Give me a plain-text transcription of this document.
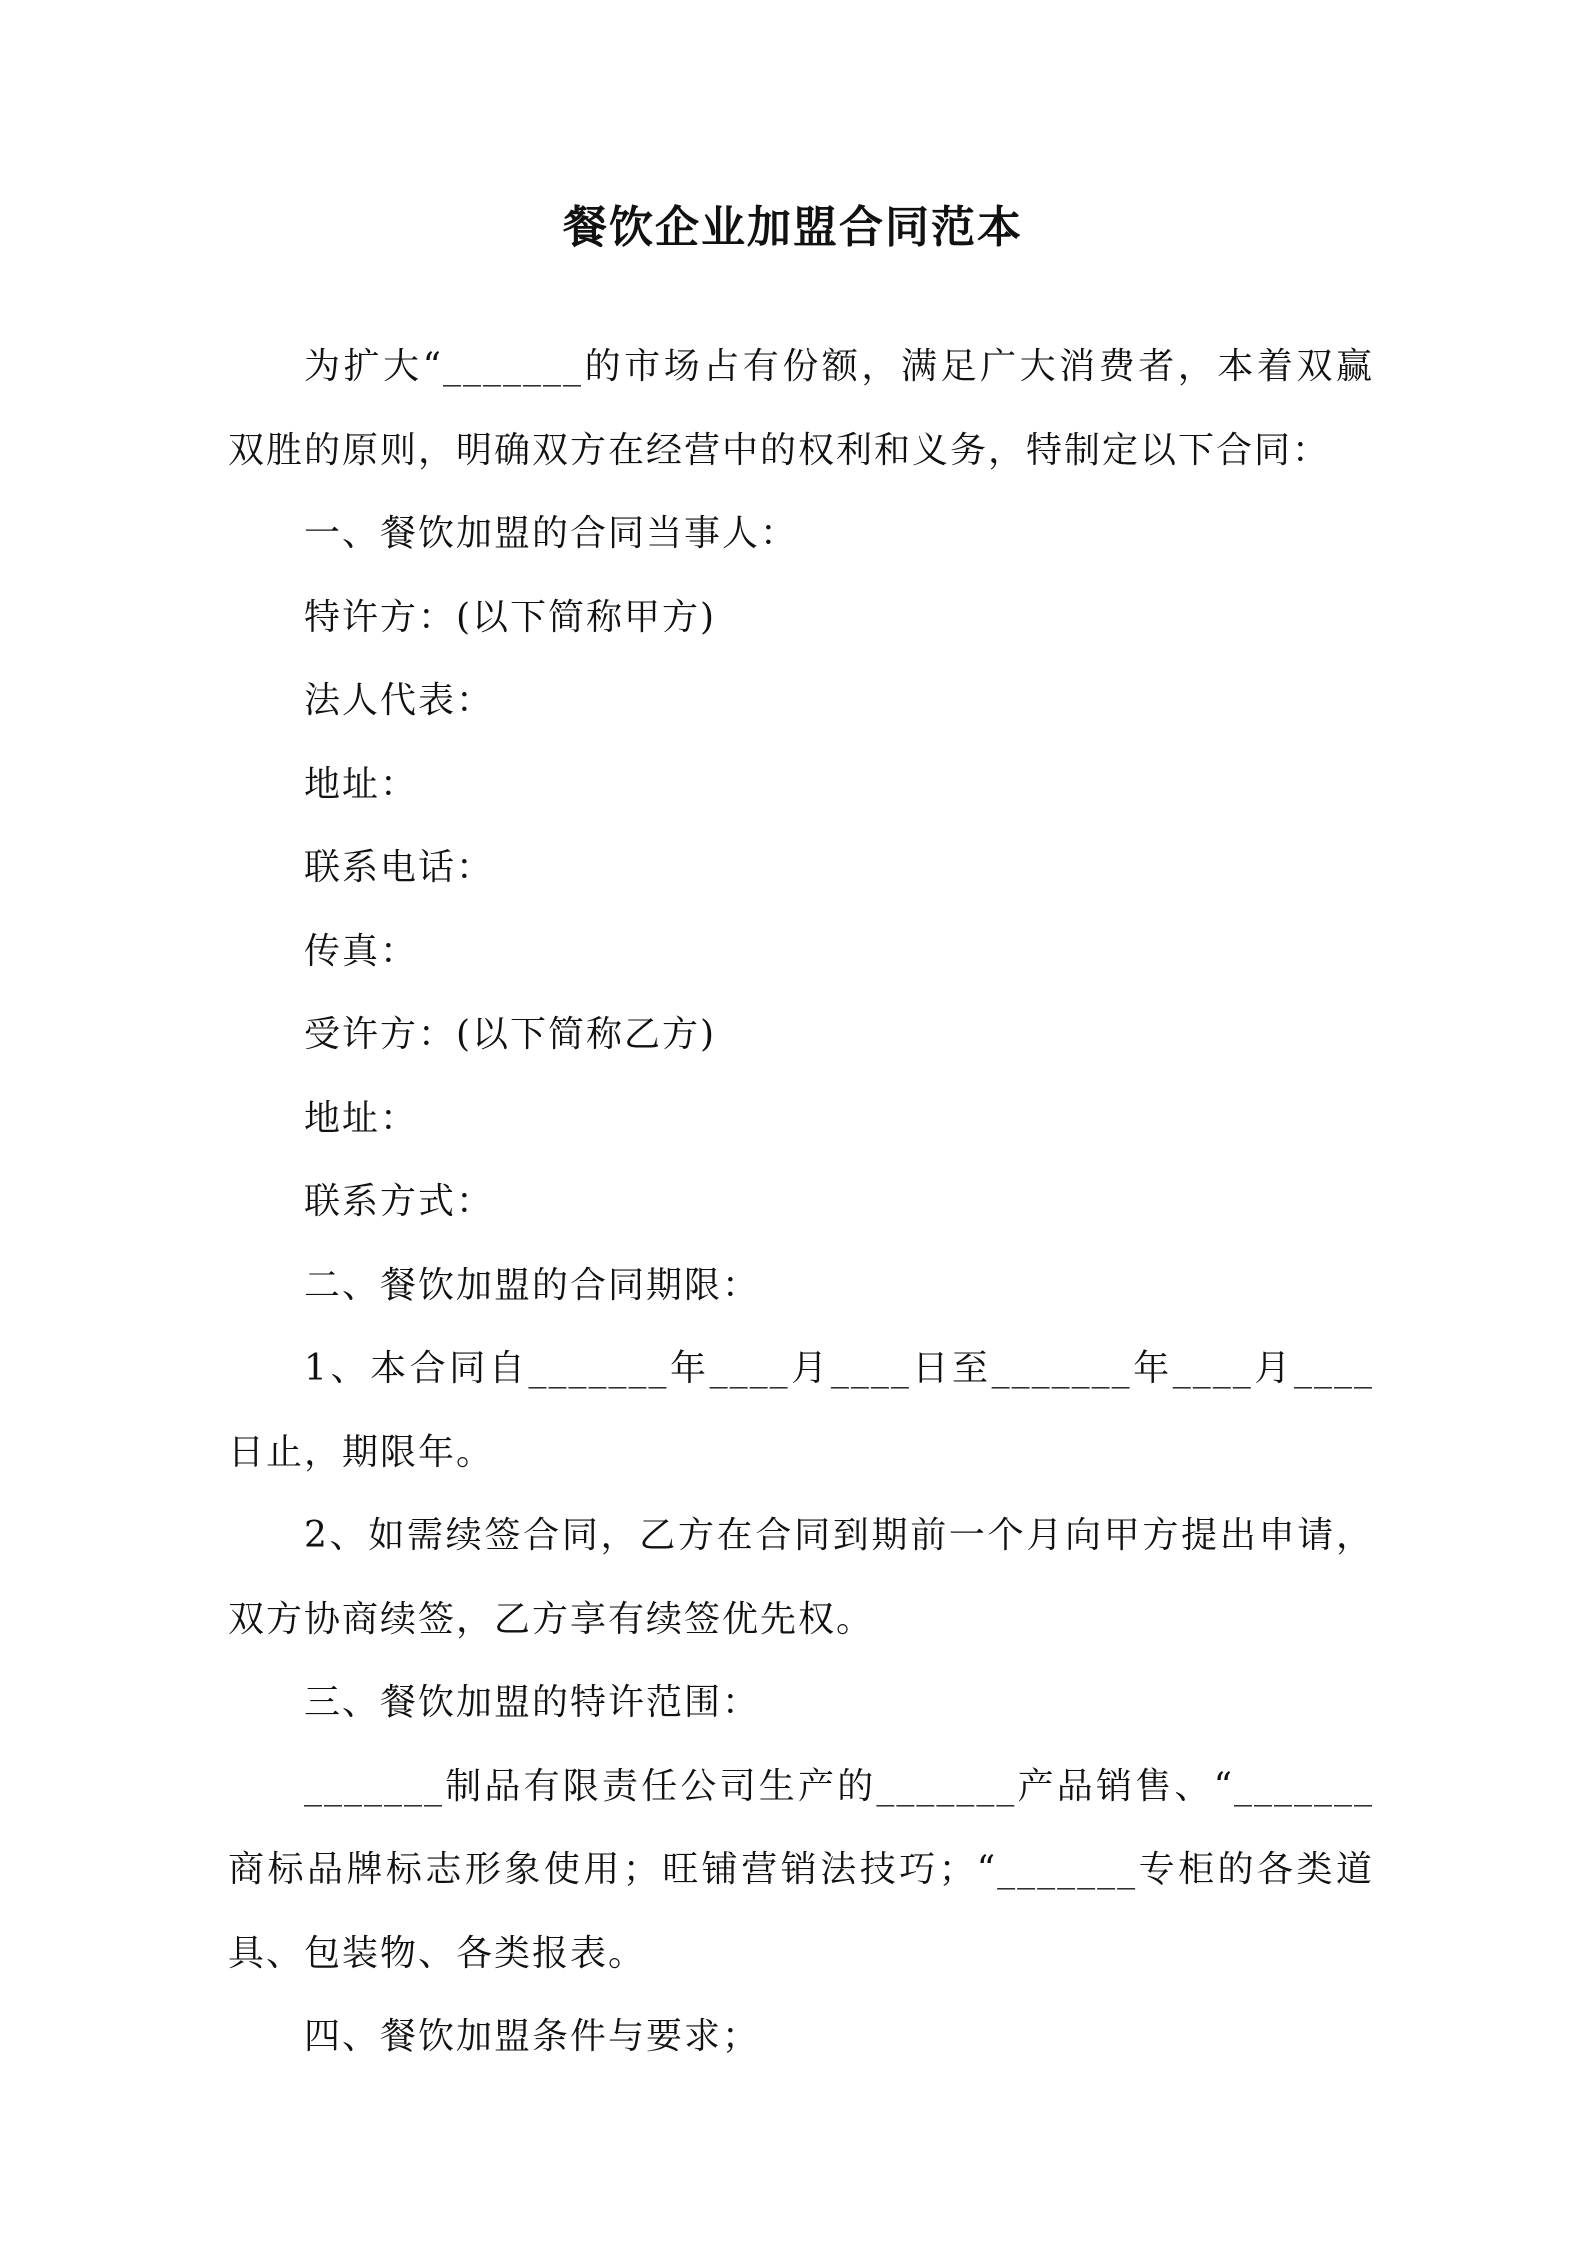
餐饮企业加盟合同范本

为扩大“_______的市场占有份额，满足广大消费者，本着双赢双胜的原则，明确双方在经营中的权利和义务，特制定以下合同：

一、餐饮加盟的合同当事人：

特许方：(以下简称甲方)

法人代表：

地址：

联系电话：

传真：

受许方：(以下简称乙方)

地址：

联系方式：

二、餐饮加盟的合同期限：

1、本合同自_______年____月____日至_______年____月____日止，期限年。

2、如需续签合同，乙方在合同到期前一个月向甲方提出申请，双方协商续签，乙方享有续签优先权。

三、餐饮加盟的特许范围：

_______制品有限责任公司生产的_______产品销售、“_______商标品牌标志形象使用；旺铺营销法技巧；“_______专柜的各类道具、包装物、各类报表。

四、餐饮加盟条件与要求；
